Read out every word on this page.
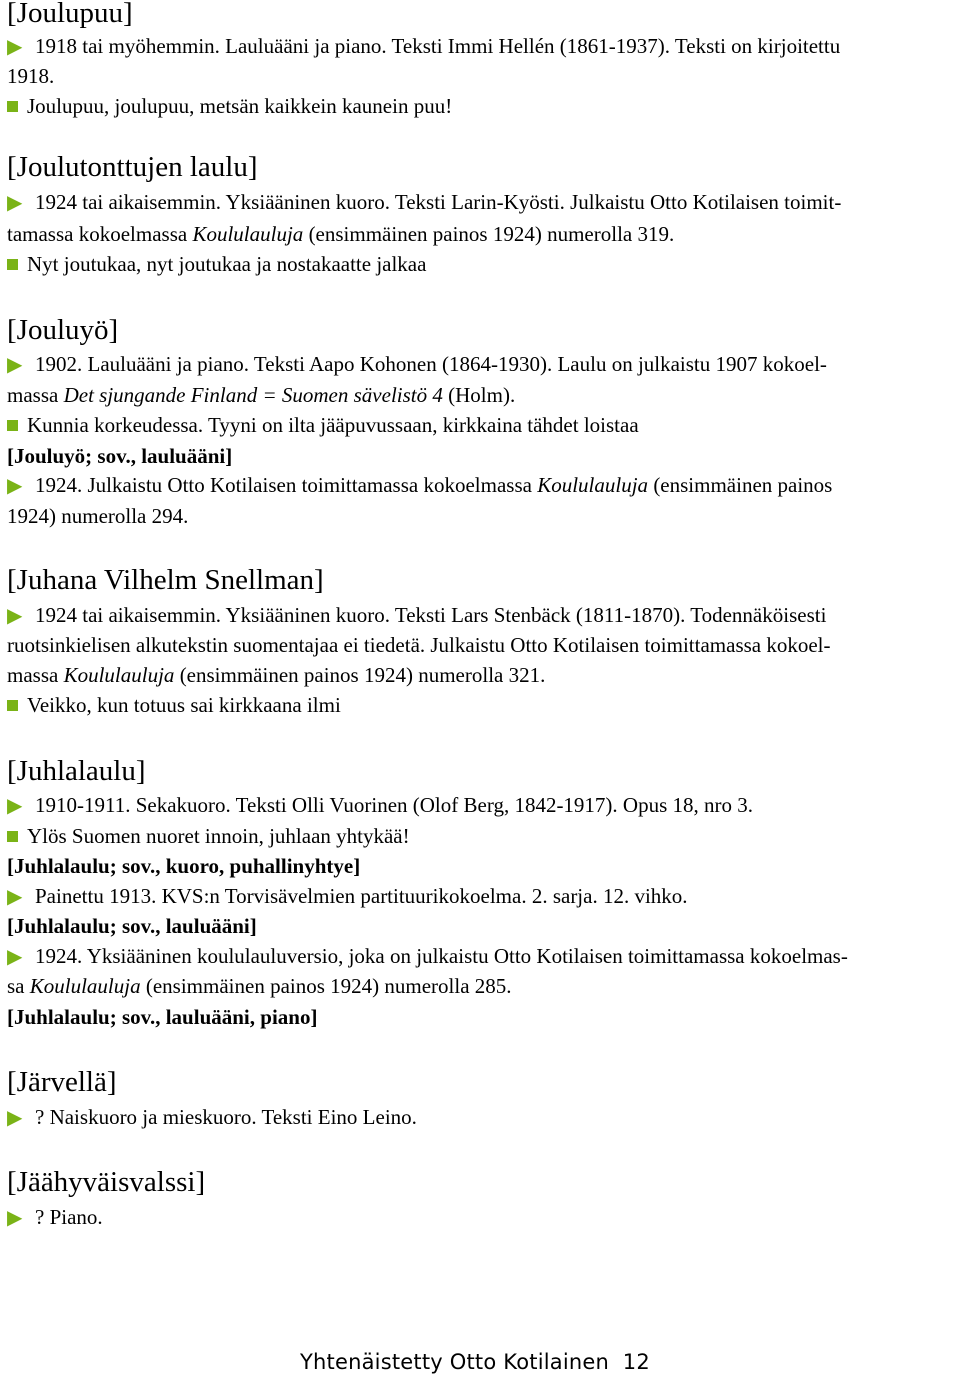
[Joulupuu]
▶ 1918 tai myöhemmin. Lauluääni ja piano. Teksti Immi Hellén (1861-1937). Teksti on kirjoitettu
1918.
Joulupuu, joulupuu, metsän kaikkein kaunein puu!
[Joulutonttujen laulu]
▶ 1924 tai aikaisemmin. Yksiääninen kuoro. Teksti Larin-Kyösti. Julkaistu Otto Kotilaisen toimit-
tamassa kokoelmassa Koululauluja (ensimmäinen painos 1924) numerolla 319.
Nyt joutukaa, nyt joutukaa ja nostakaatte jalkaa
[Jouluyö]
▶ 1902. Lauluääni ja piano. Teksti Aapo Kohonen (1864-1930). Laulu on julkaistu 1907 kokoel-
massa Det sjungande Finland = Suomen sävelistö 4 (Holm).
Kunnia korkeudessa. Tyyni on ilta jääpuvussaan, kirkkaina tähdet loistaa
[Jouluyö; sov., lauluääni]
▶ 1924. Julkaistu Otto Kotilaisen toimittamassa kokoelmassa Koululauluja (ensimmäinen painos
1924) numerolla 294.
[Juhana Vilhelm Snellman]
▶ 1924 tai aikaisemmin. Yksiääninen kuoro. Teksti Lars Stenbäck (1811-1870). Todennäköisesti
ruotsinkielisen alkutekstin suomentajaa ei tiedetä. Julkaistu Otto Kotilaisen toimittamassa kokoel-
massa Koululauluja (ensimmäinen painos 1924) numerolla 321.
Veikko, kun totuus sai kirkkaana ilmi
[Juhlalaulu]
▶ 1910-1911. Sekakuoro. Teksti Olli Vuorinen (Olof Berg, 1842-1917). Opus 18, nro 3.
Ylös Suomen nuoret innoin, juhlaan yhtykää!
[Juhlalaulu; sov., kuoro, puhallinyhtye]
▶ Painettu 1913. KVS:n Torvisävelmien partituurikokoelma. 2. sarja. 12. vihko.
[Juhlalaulu; sov., lauluääni]
▶ 1924. Yksiääninen koululauluversio, joka on julkaistu Otto Kotilaisen toimittamassa kokoelmas-
sa Koululauluja (ensimmäinen painos 1924) numerolla 285.
[Juhlalaulu; sov., lauluääni, piano]
[Järvellä]
▶ ? Naiskuoro ja mieskuoro. Teksti Eino Leino.
[Jäähyväisvalssi]
▶ ? Piano.
Yhtenäistetty Otto Kotilainen 12
